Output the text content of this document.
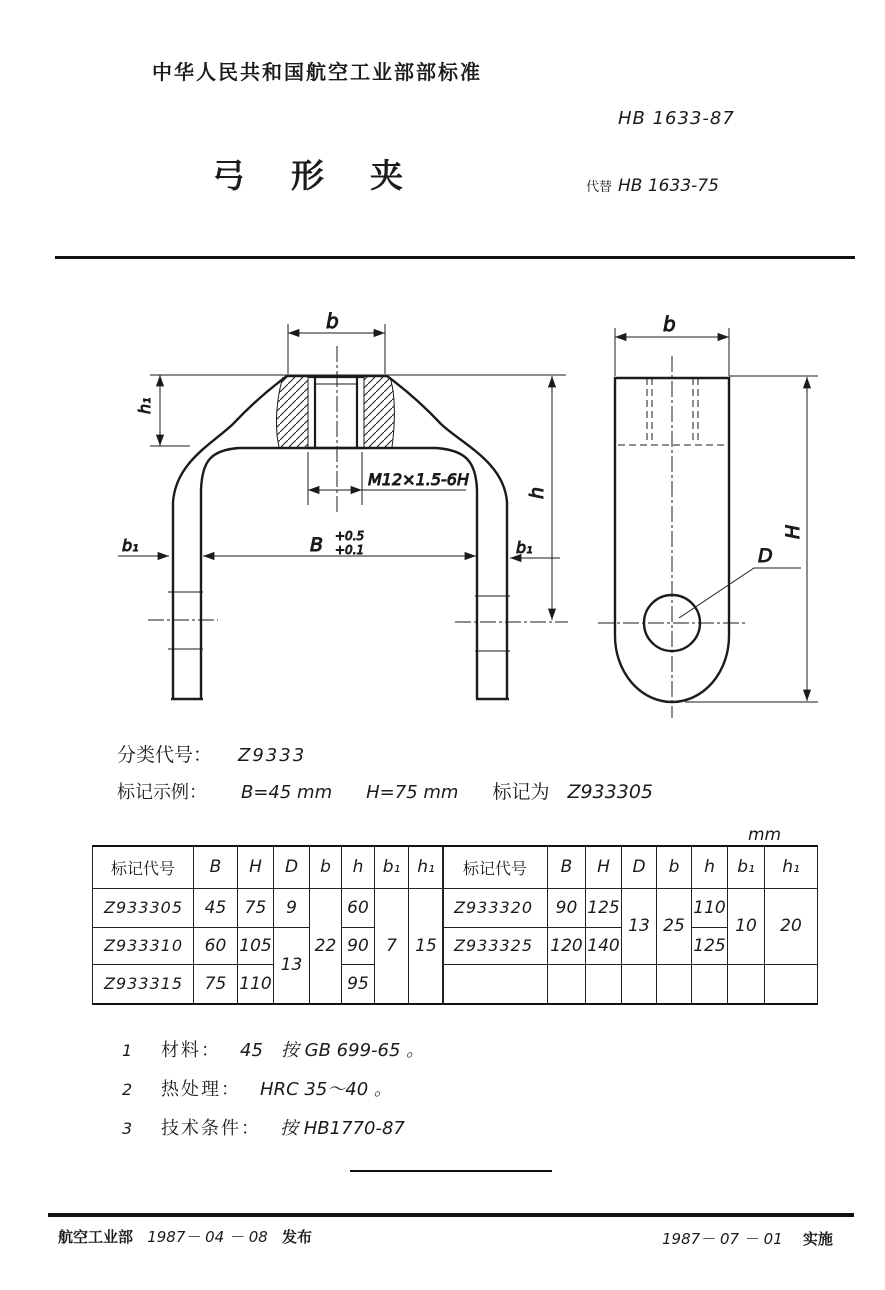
中华人民共和国航空工业部部标准
HB 1633-87
弓形夹	代替 HB 1633-75
b
h₁
M12×1.5-6H
B +0.5
+0.1
b₁	b₁
h
b
H
D
分类代号： Z9333
标记示例： B=45 mm H=75 mm 标记为 Z933305
mm
标记代号	B	H	D	b	h	b₁	h₁
Z933305	45	75	9	22	60	7	15
Z933310	60	105	13		90		
Z933315	75	110			95		
标记代号	B	H	D	b	h	b₁	h₁
Z933320	90	125	13	25	110	10	20
Z933325	120	140			125		

1 材料： 45　按 GB 699-65 。
2 热处理： HRC 35～40 。
3 技术条件： 按 HB1770-87
航空工业部 1987－ 04 － 08 发布	1987－ 07 － 01 实施
